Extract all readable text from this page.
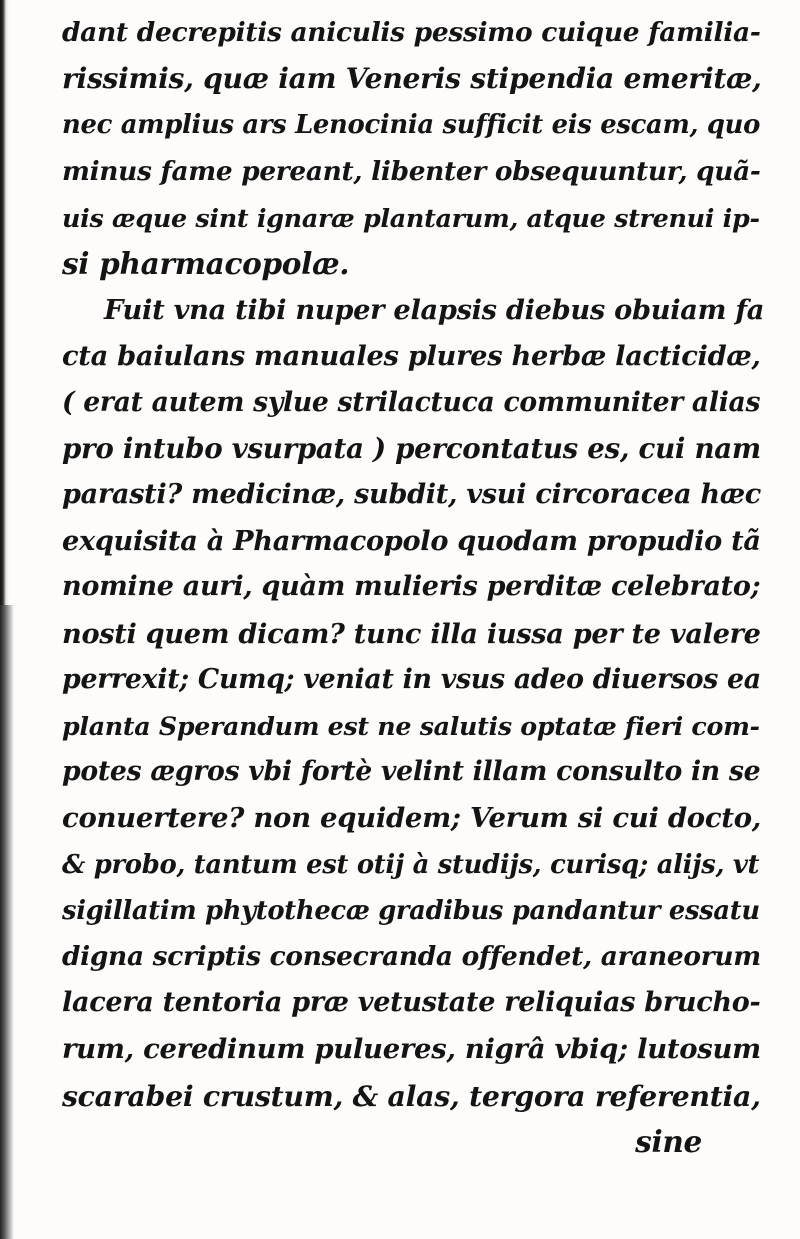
dant decrepitis aniculis pessimo cuique familia-
rissimis, quæ iam Veneris stipendia emeritæ,
nec amplius ars Lenocinia sufficit eis escam, quo
minus fame pereant, libenter obsequuntur, quã-
uis æque sint ignaræ plantarum, atque strenui ip-
si pharmacopolæ.
Fuit vna tibi nuper elapsis diebus obuiam fa
cta baiulans manuales plures herbæ lacticidæ,
( erat autem sylue strilactuca communiter alias
pro intubo vsurpata ) percontatus es, cui nam
parasti? medicinæ, subdit, vsui circoracea hæc
exquisita à Pharmacopolo quodam propudio tã
nomine auri, quàm mulieris perditæ celebrato;
nosti quem dicam? tunc illa iussa per te valere
perrexit; Cumq; veniat in vsus adeo diuersos ea
planta Sperandum est ne salutis optatæ fieri com-
potes ægros vbi fortè velint illam consulto in se
conuertere? non equidem; Verum si cui docto,
& probo, tantum est otij à studijs, curisq; alijs, vt
sigillatim phytothecæ gradibus pandantur essatu
digna scriptis consecranda offendet, araneorum
lacera tentoria præ vetustate reliquias brucho-
rum, ceredinum pulueres, nigrâ vbiq; lutosum
scarabei crustum, & alas, tergora referentia,
sine
